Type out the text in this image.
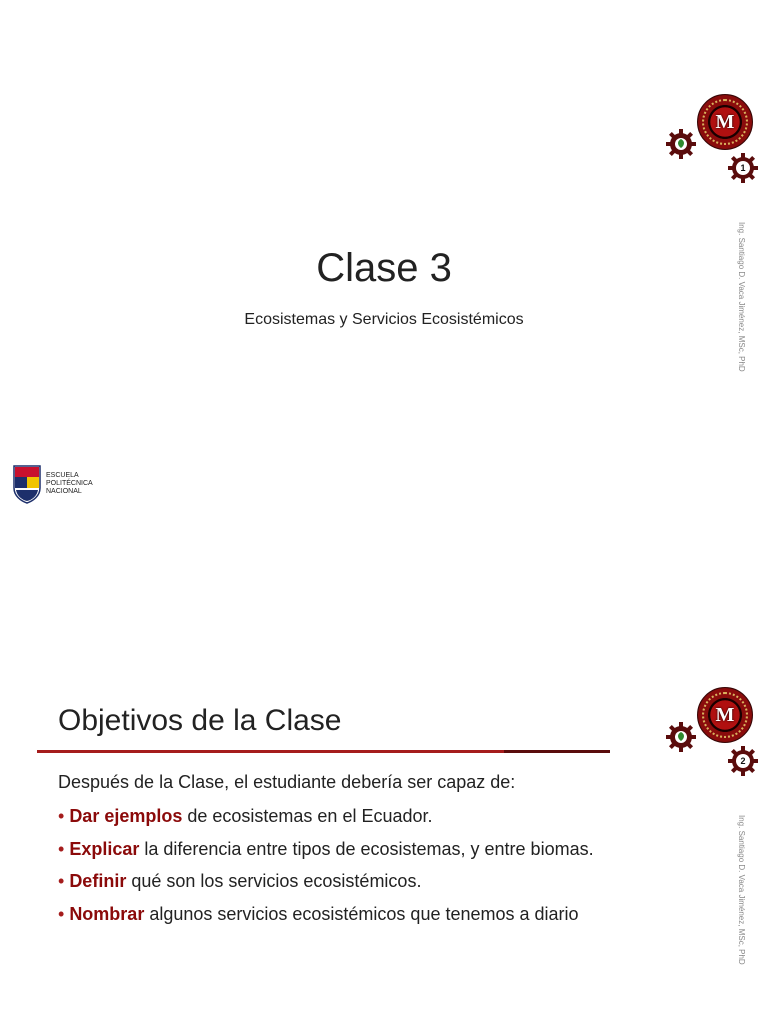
M
1
Ing. Santiago D. Vaca Jiménez, MSc, PhD
Clase 3
Ecosistemas y Servicios Ecosistémicos
ESCUELA
POLITÉCNICA
NACIONAL
M
2
Ing. Santiago D. Vaca Jiménez, MSc, PhD
Objetivos de la Clase
Después de la Clase, el estudiante debería ser capaz de:
• Dar ejemplos de ecosistemas en el Ecuador.
• Explicar la diferencia entre tipos de ecosistemas, y entre biomas.
• Definir qué son los servicios ecosistémicos.
• Nombrar algunos servicios ecosistémicos que tenemos a diario
